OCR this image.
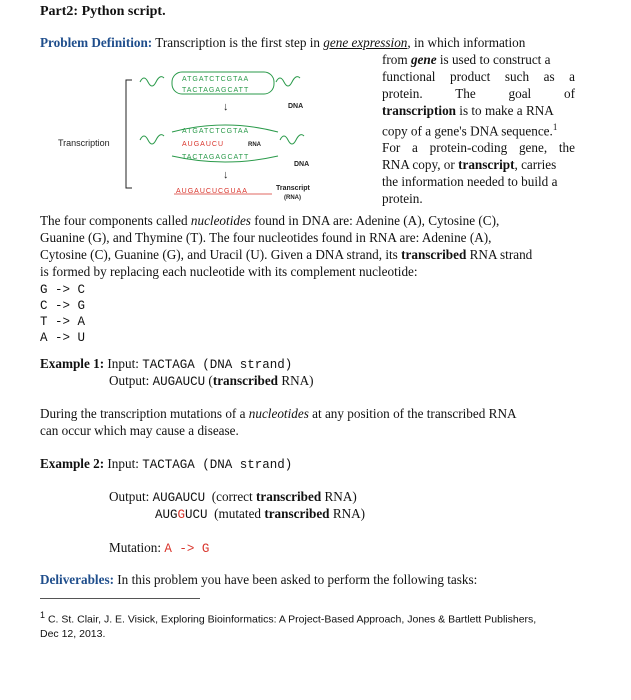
Part2: Python script.
Problem Definition: Transcription is the first step in gene expression, in which information
from gene is used to construct a
functional product such as a
protein. The goal of
transcription is to make a RNA
copy of a gene's DNA sequence.$^1$
For a protein-coding gene, the
RNA copy, or transcript, carries
the information needed to build a
protein.
Transcription
ATGATCTCGTAA
TACTAGAGCATT
DNA
↓
ATGATCTCGTAA
AUGAUCU	RNA
TACTAGAGCATT
DNA
↓
AUGAUCUCGUAA	Transcript
(RNA)
The four components called nucleotides found in DNA are: Adenine (A), Cytosine (C),
Guanine (G), and Thymine (T). The four nucleotides found in RNA are: Adenine (A),
Cytosine (C), Guanine (G), and Uracil (U). Given a DNA strand, its transcribed RNA strand
is formed by replacing each nucleotide with its complement nucleotide:
G -> C
C -> G
T -> A
A -> U
Example 1: Input: TACTAGA (DNA strand)
Output: AUGAUCU (transcribed RNA)
During the transcription mutations of a nucleotides at any position of the transcribed RNA
can occur which may cause a disease.
Example 2: Input: TACTAGA (DNA strand)
Output: AUGAUCU  (correct transcribed RNA)
AUGGUCU  (mutated transcribed RNA)
Mutation: A -> G
Deliverables: In this problem you have been asked to perform the following tasks:
1 C. St. Clair, J. E. Visick, Exploring Bioinformatics: A Project-Based Approach, Jones & Bartlett Publishers,
Dec 12, 2013.
